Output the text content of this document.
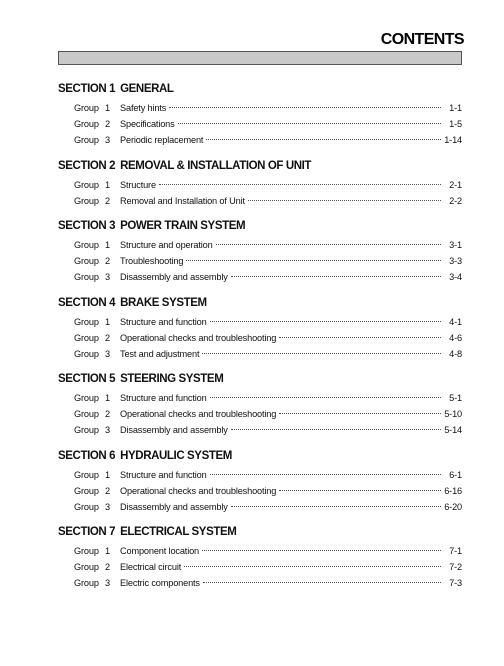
CONTENTS
SECTION 1 GENERAL
Group 1	Safety hints	1-1
Group 2	Specifications	1-5
Group 3	Periodic replacement	1-14
SECTION 2 REMOVAL & INSTALLATION OF UNIT
Group 1	Structure	2-1
Group 2	Removal and Installation of Unit	2-2
SECTION 3 POWER TRAIN SYSTEM
Group 1	Structure and operation	3-1
Group 2	Troubleshooting	3-3
Group 3	Disassembly and assembly	3-4
SECTION 4 BRAKE SYSTEM
Group 1	Structure and function	4-1
Group 2	Operational checks and troubleshooting	4-6
Group 3	Test and adjustment	4-8
SECTION 5 STEERING SYSTEM
Group 1	Structure and function	5-1
Group 2	Operational checks and troubleshooting	5-10
Group 3	Disassembly and assembly	5-14
SECTION 6 HYDRAULIC SYSTEM
Group 1	Structure and function	6-1
Group 2	Operational checks and troubleshooting	6-16
Group 3	Disassembly and assembly	6-20
SECTION 7 ELECTRICAL SYSTEM
Group 1	Component location	7-1
Group 2	Electrical circuit	7-2
Group 3	Electric components	7-3
